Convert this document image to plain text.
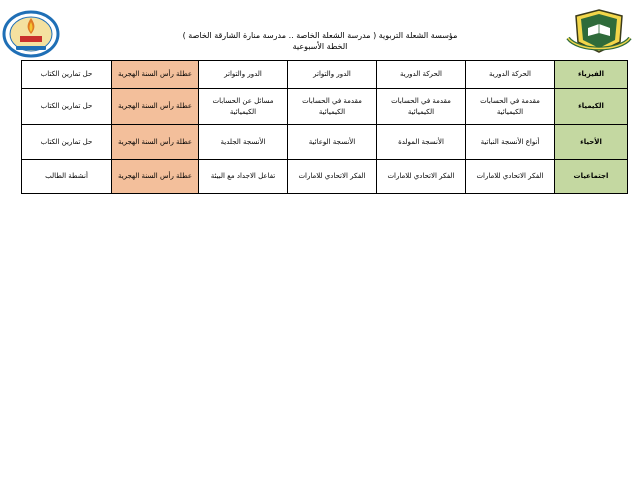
مؤسسة الشعلة التربوية ( مدرسة الشعلة الخاصة .. مدرسة منارة الشارقة الخاصة )
الخطة الأسبوعية
الفيزياء	الحركة الدورية	الحركة الدورية	الدور والتواتر	الدور والتواتر	عطلة رأس السنة الهجرية	حل تمارين الكتاب
الكيمياء	مقدمة في الحسابات الكيميائية	مقدمة في الحسابات الكيميائية	مقدمة في الحسابات الكيميائية	مسائل عن الحسابات الكيميائية	عطلة رأس السنة الهجرية	حل تمارين الكتاب
الأحياء	أنواع الأنسجة النباتية	الأنسجة المولدة	الأنسجة الوعائية	الأنسجة الجلدية	عطلة رأس السنة الهجرية	حل تمارين الكتاب
اجتماعيات	الفكر الاتحادي للامارات	الفكر الاتحادي للامارات	الفكر الاتحادي للامارات	تفاعل الاجداد مع البيئة	عطلة رأس السنة الهجرية	أنشطة الطالب
